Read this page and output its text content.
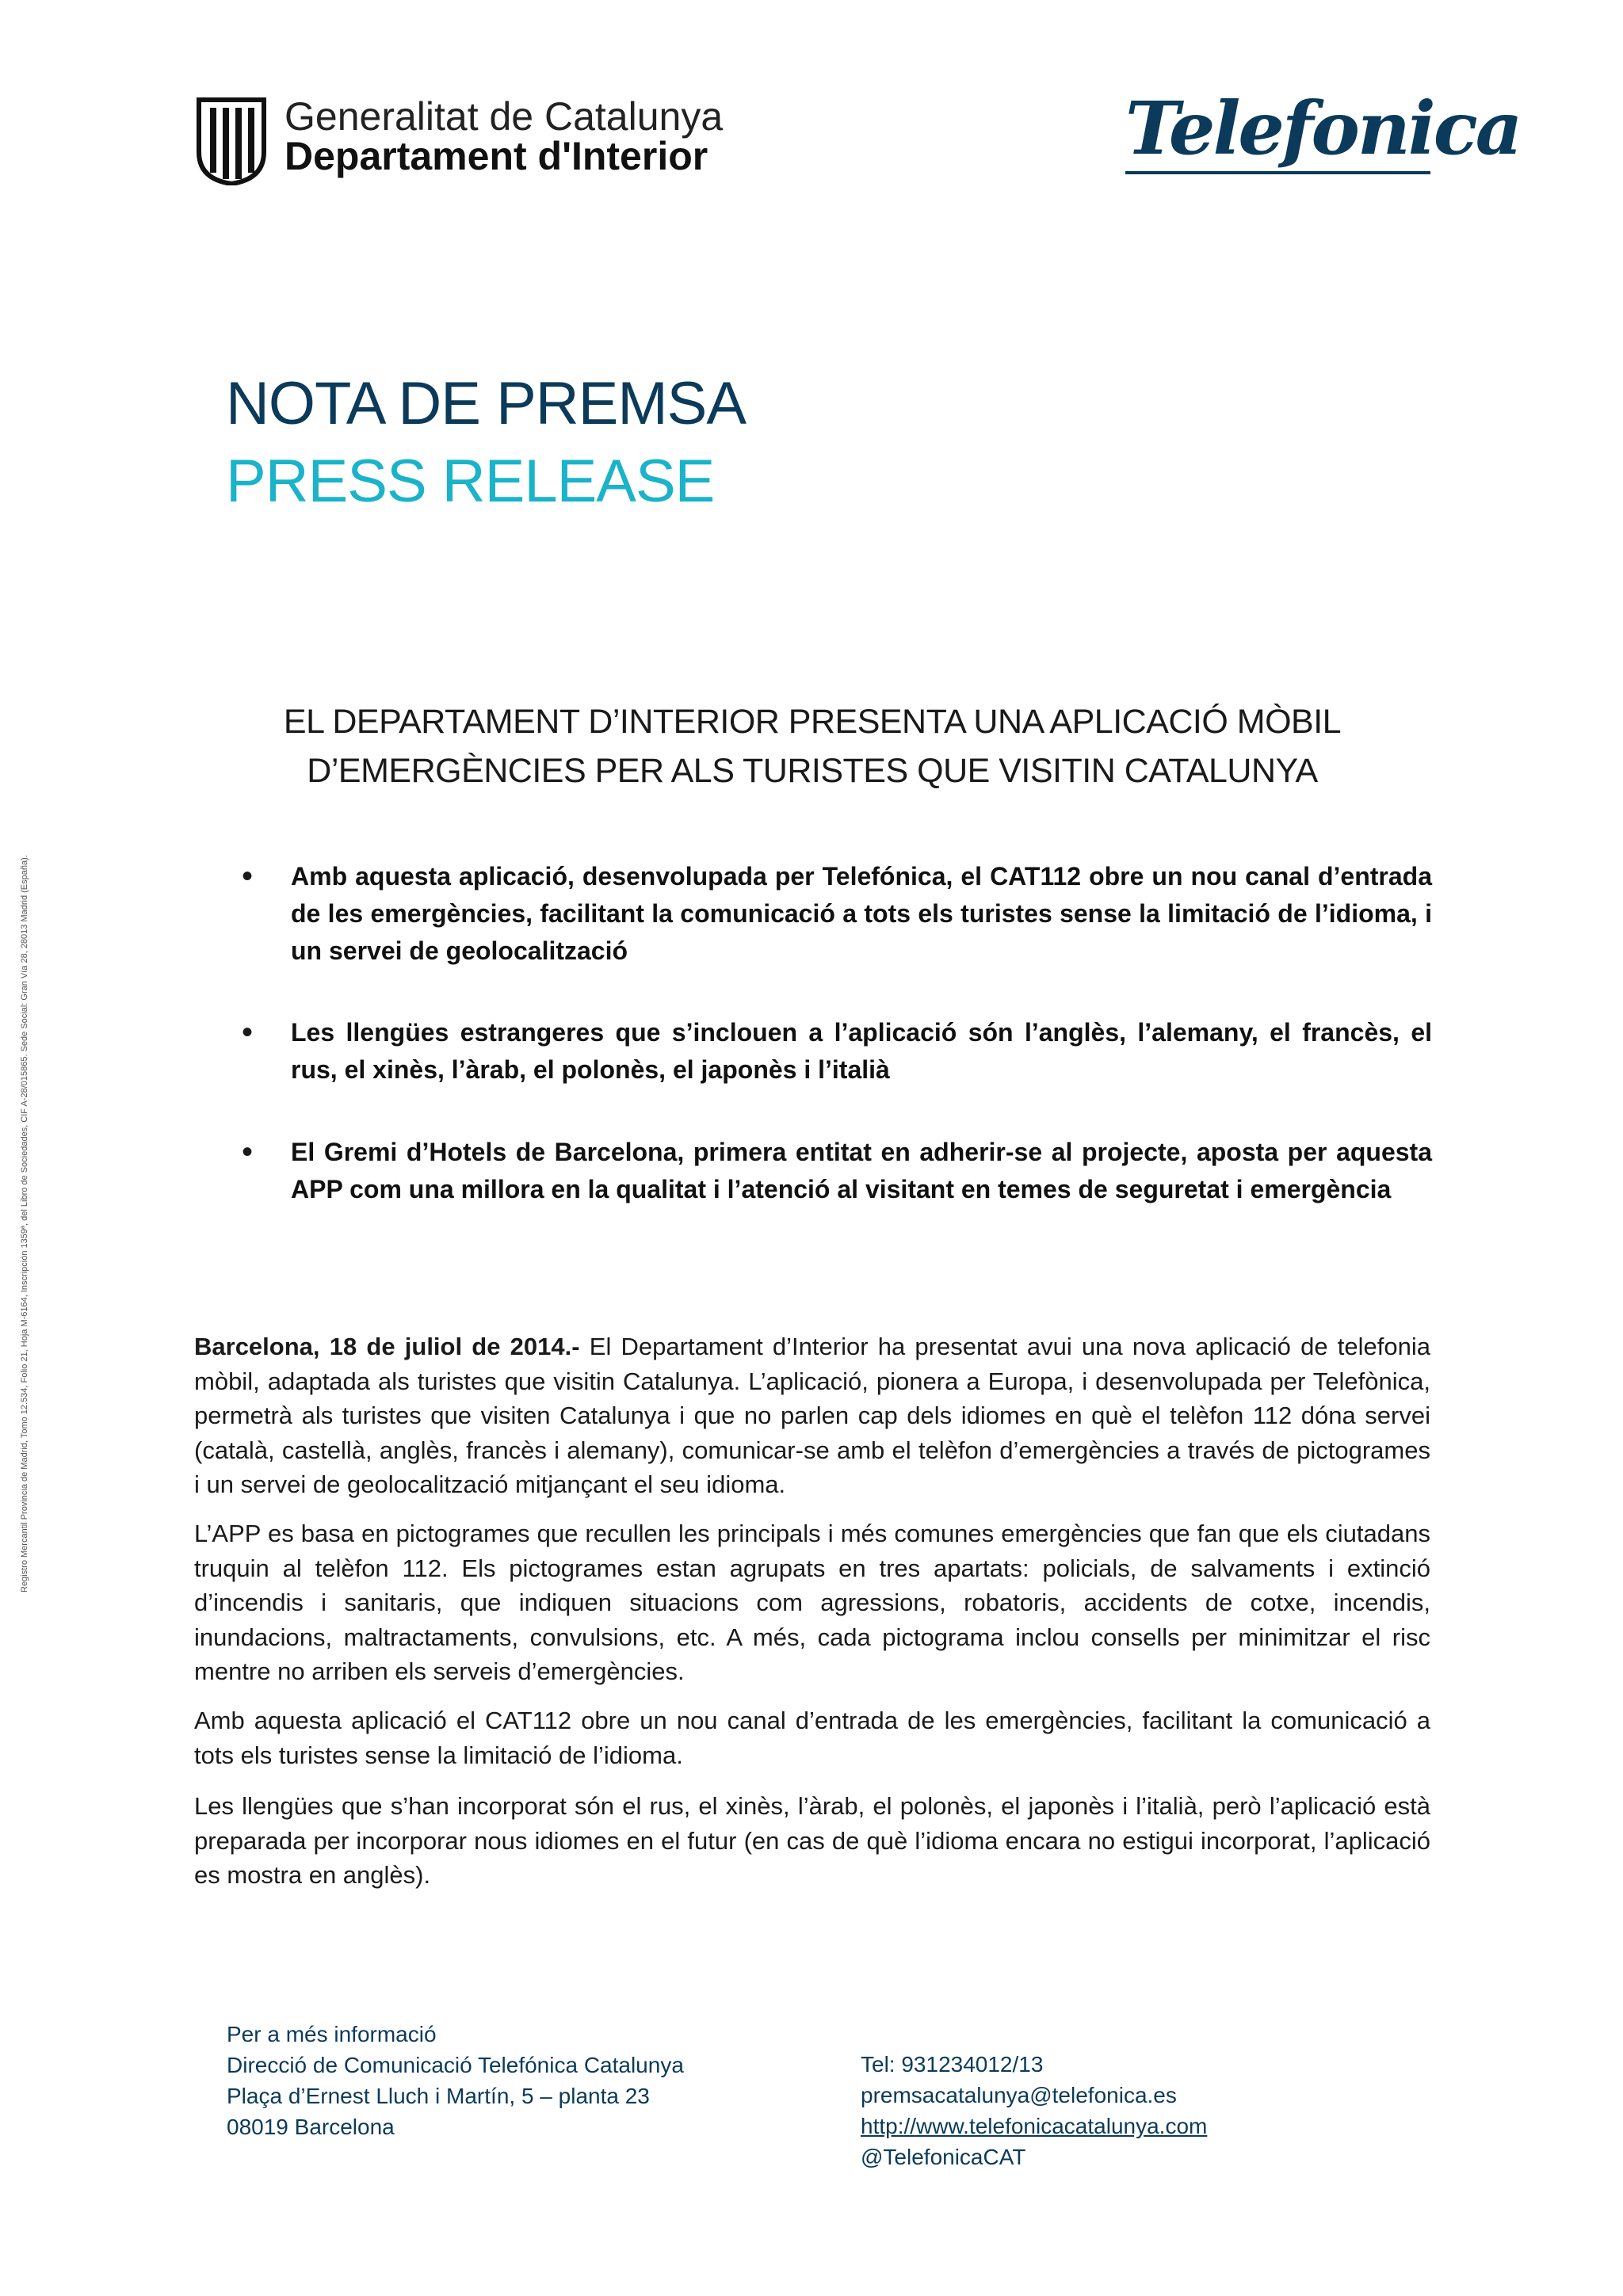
Generalitat de Catalunya
Departament d'Interior	Telefonica
NOTA DE PREMSA
PRESS RELEASE
Registro Mercantil Provincia de Madrid, Tomo 12.534, Folio 21, Hoja M-6164, Inscripción 1359ª, del Libro de Sociedades, CIF A-28/015865. Sede Social: Gran Vía 28, 28013 Madrid (España).
EL DEPARTAMENT D’INTERIOR PRESENTA UNA APLICACIÓ MÒBIL
D’EMERGÈNCIES PER ALS TURISTES QUE VISITIN CATALUNYA
• Amb aquesta aplicació, desenvolupada per Telefónica, el CAT112 obre un nou canal d’entrada de les emergències, facilitant la comunicació a tots els turistes sense la limitació de l’idioma, i un servei de geolocalització
• Les llengües estrangeres que s’inclouen a l’aplicació són l’anglès, l’alemany, el francès, el rus, el xinès, l’àrab, el polonès, el japonès i l’italià
• El Gremi d’Hotels de Barcelona, primera entitat en adherir-se al projecte, aposta per aquesta APP com una millora en la qualitat i l’atenció al visitant en temes de seguretat i emergència
Barcelona, 18 de juliol de 2014.- El Departament d’Interior ha presentat avui una nova aplicació de telefonia mòbil, adaptada als turistes que visitin Catalunya. L’aplicació, pionera a Europa, i desenvolupada per Telefònica, permetrà als turistes que visiten Catalunya i que no parlen cap dels idiomes en què el telèfon 112 dóna servei (català, castellà, anglès, francès i alemany), comunicar-se amb el telèfon d’emergències a través de pictogrames i un servei de geolocalització mitjançant el seu idioma.
L’APP es basa en pictogrames que recullen les principals i més comunes emergències que fan que els ciutadans truquin al telèfon 112. Els pictogrames estan agrupats en tres apartats: policials, de salvaments i extinció d’incendis i sanitaris, que indiquen situacions com agressions, robatoris, accidents de cotxe, incendis, inundacions, maltractaments, convulsions, etc. A més, cada pictograma inclou consells per minimitzar el risc mentre no arriben els serveis d’emergències.
Amb aquesta aplicació el CAT112 obre un nou canal d’entrada de les emergències, facilitant la comunicació a tots els turistes sense la limitació de l’idioma.
Les llengües que s’han incorporat són el rus, el xinès, l’àrab, el polonès, el japonès i l’italià, però l’aplicació està preparada per incorporar nous idiomes en el futur (en cas de què l’idioma encara no estigui incorporat, l’aplicació es mostra en anglès).
Per a més informació
Direcció de Comunicació Telefónica Catalunya
Plaça d’Ernest Lluch i Martín, 5 – planta 23
08019 Barcelona
Tel: 931234012/13
premsacatalunya@telefonica.es
http://www.telefonicacatalunya.com
@TelefonicaCAT
